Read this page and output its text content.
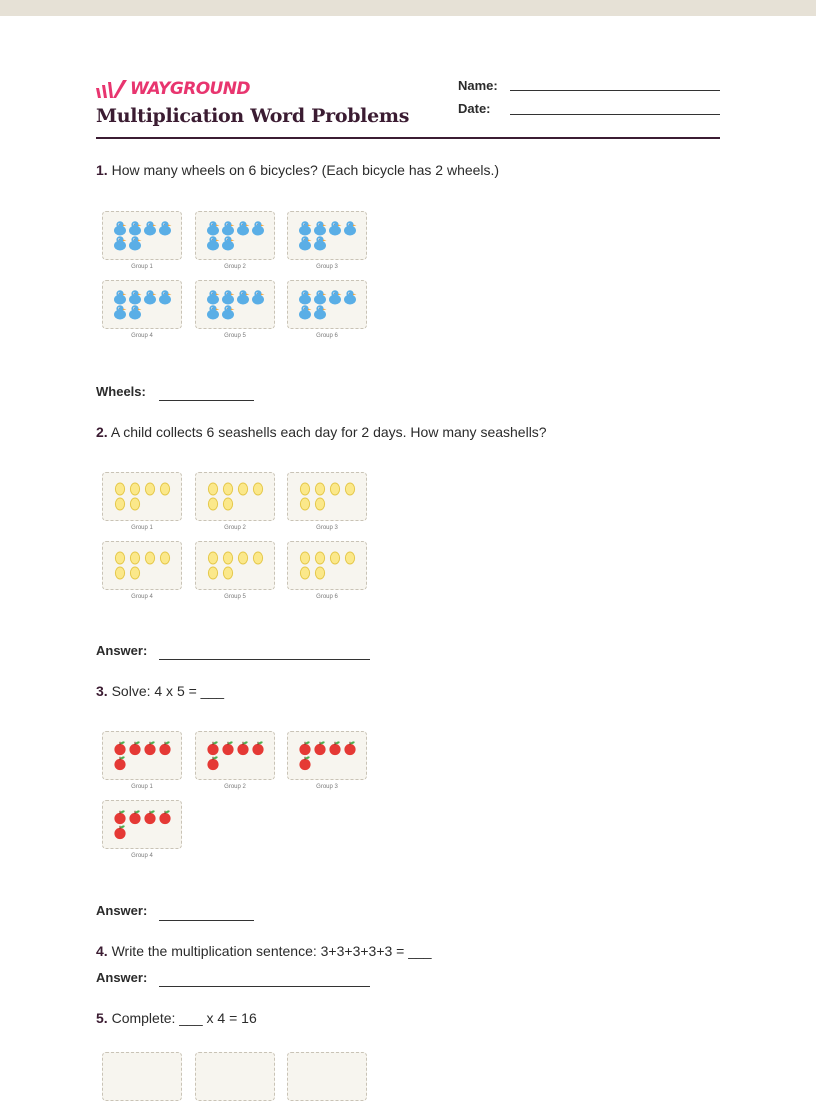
WAYGROUND
Multiplication Word Problems
Name:
Date:
1. How many wheels on 6 bicycles? (Each bicycle has 2 wheels.)
Group 1	Group 2	Group 3
Group 4	Group 5	Group 6
Wheels:
2. A child collects 6 seashells each day for 2 days. How many seashells?
Group 1	Group 2	Group 3
Group 4	Group 5	Group 6
Answer:
3. Solve: 4 x 5 = ___
Group 1	Group 2	Group 3
Group 4
Answer:
4. Write the multiplication sentence: 3+3+3+3+3 = ___
Answer:
5. Complete: ___ x 4 = 16
